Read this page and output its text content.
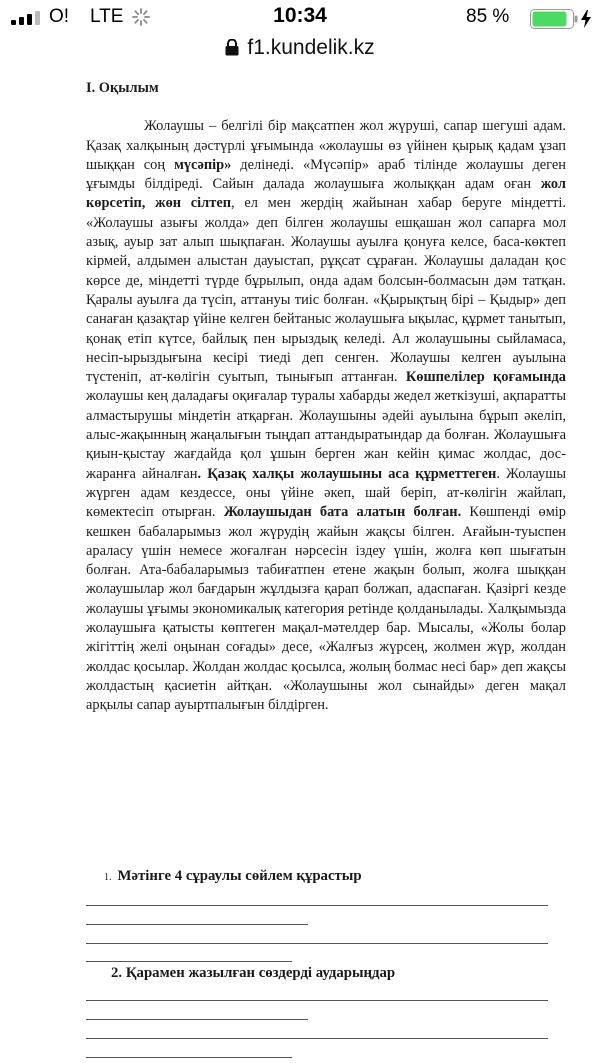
O! LTE	10:34	85 %
f1.kundelik.kz
I. Оқылым

Жолаушы – белгілі бір мақсатпен жол жүруші, сапар шегуші адам. Қазақ халқының дәстүрлі ұғымында «жолаушы өз үйінен қырық қадам ұзап шыққан соң мүсәпір» делінеді. «Мүсәпір» араб тілінде жолаушы деген ұғымды білдіреді. Сайын далада жолаушыға жолыққан адам оған жол көрсетіп, жөн сілтеп, ел мен жердің жайынан хабар беруге міндетті. «Жолаушы азығы жолда» деп білген жолаушы ешқашан жол сапарға мол азық, ауыр зат алып шықпаған. Жолаушы ауылға қонуға келсе, баса-көктеп кірмей, алдымен алыстан дауыстап, рұқсат сұраған. Жолаушы даладан қос көрсе де, міндетті түрде бұрылып, онда адам болсын-болмасын дәм татқан. Қаралы ауылға да түсіп, аттануы тиіс болған. «Қырықтың бірі – Қыдыр» деп санаған қазақтар үйіне келген бейтаныс жолаушыға ықылас, құрмет танытып, қонақ етіп күтсе, байлық пен ырыздық келеді. Ал жолаушыны сыйламаса, несіп-ырыздығына кесірі тиеді деп сенген. Жолаушы келген ауылына түстеніп, ат-көлігін суытып, тынығып аттанған. Көшпелілер қоғамында жолаушы кең даладағы оқиғалар туралы хабарды жедел жеткізуші, ақпаратты алмастырушы міндетін атқарған. Жолаушыны әдейі ауылына бұрып әкеліп, алыс-жақынның жаңалығын тыңдап аттандыратындар да болған. Жолаушыға қиын-қыстау жағдайда қол ұшын берген жан кейін қимас жолдас, дос-жаранға айналған. Қазақ халқы жолаушыны аса құрметтеген. Жолаушы жүрген адам кездессе, оны үйіне әкеп, шай беріп, ат-көлігін жайлап, көмектесіп отырған. Жолаушыдан бата алатын болған. Көшпенді өмір кешкен бабаларымыз жол жүрудің жайын жақсы білген. Ағайын-туыспен араласу үшін немесе жоғалған нәрсесін іздеу үшін, жолға көп шығатын болған. Ата-бабаларымыз табиғатпен етене жақын болып, жолға шыққан жолаушылар жол бағдарын жұлдызға қарап болжап, адаспаған. Қазіргі кезде жолаушы ұғымы экономикалық категория ретінде қолданылады. Халқымызда жолаушыға қатысты көптеген мақал-мәтелдер бар. Мысалы, «Жолы болар жігіттің желі оңынан соғады» десе, «Жалғыз жүрсең, жолмен жүр, жолдан жолдас қосылар. Жолдан жолдас қосылса, жолың болмас несі бар» деп жақсы жолдастың қасиетін айтқан. «Жолаушыны жол сынайды» деген мақал арқылы сапар ауыртпалығын білдірген.

1. Мәтінге 4 сұраулы сөйлем құрастыр
2. Қарамен жазылған сөздерді аударыңдар
